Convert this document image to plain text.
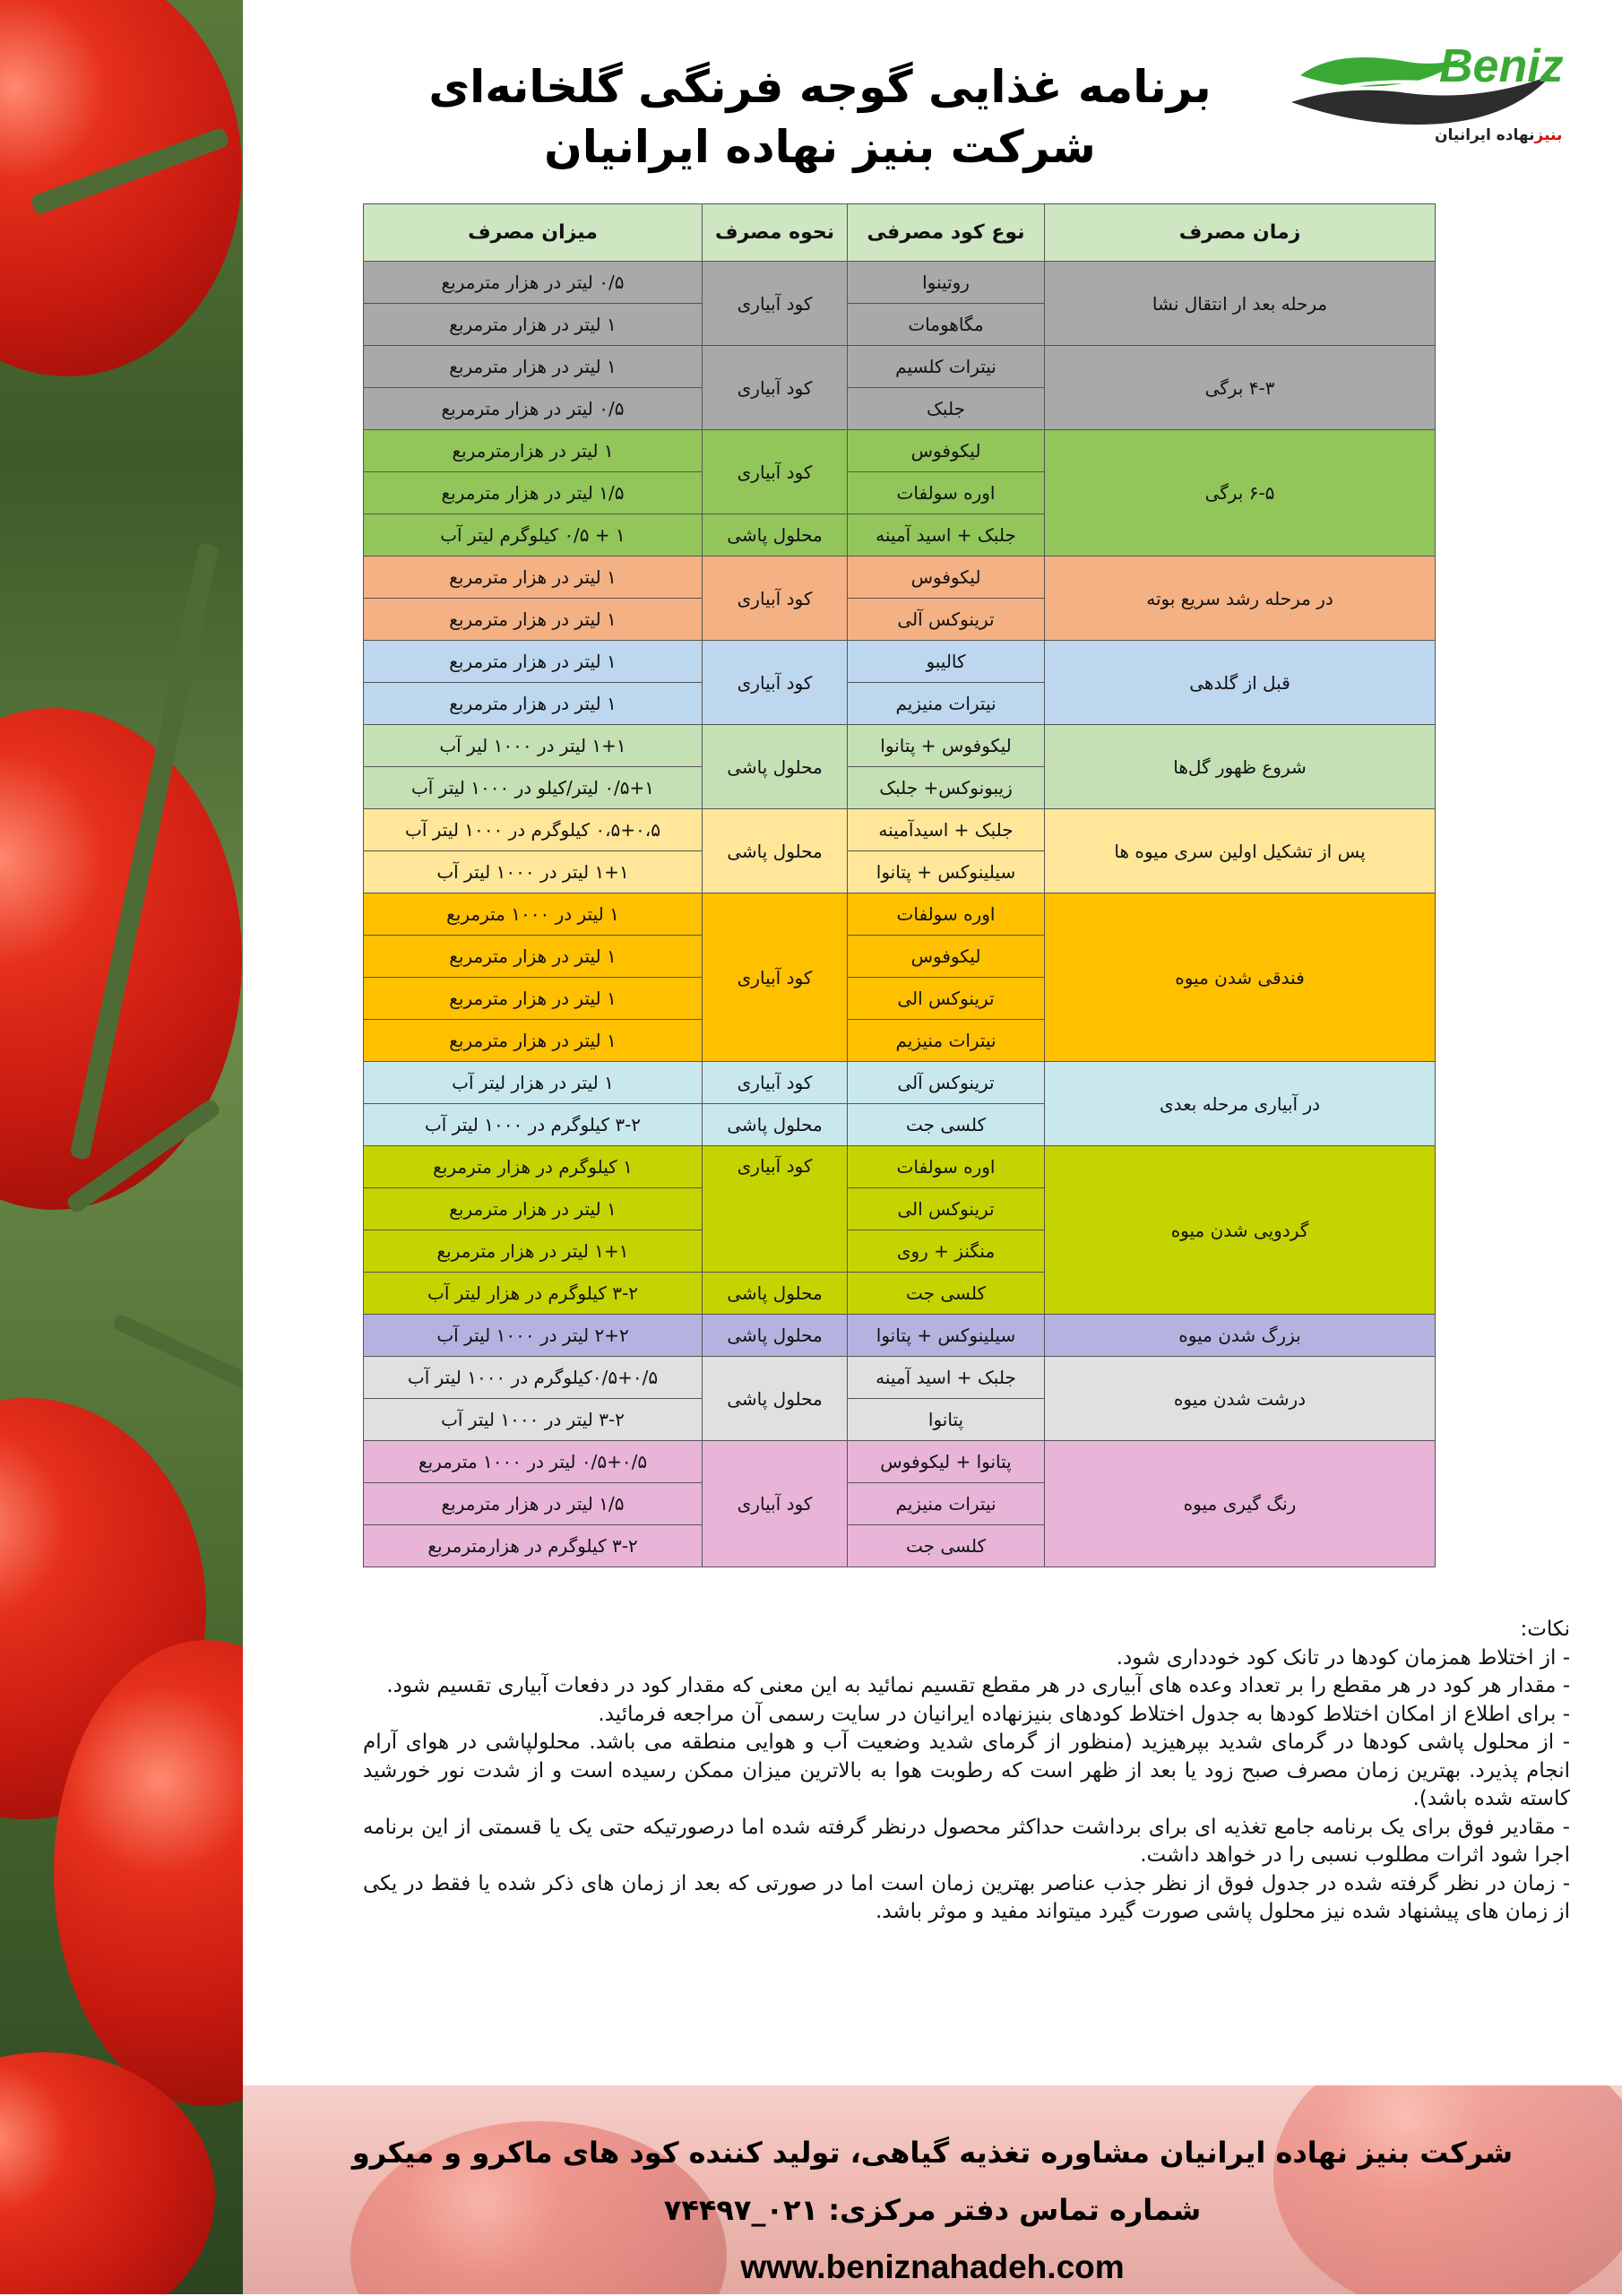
Beniz
بنیزنهاده ایرانیان

برنامه غذایی گوجه فرنگی گلخانه‌ای

شرکت بنیز نهاده ایرانیان

زمان مصرف	نوع کود مصرفی	نحوه مصرف	میزان مصرف
مرحله بعد ار انتقال نشا	روتینوا	کود آبیاری	۰/۵ لیتر در هزار مترمربع
	مگاهومات		۱ لیتر در هزار مترمربع
۴-۳ برگی	نیترات کلسیم	کود آبیاری	۱ لیتر در هزار مترمربع
	جلبک		۰/۵ لیتر در هزار مترمربع
۶-۵ برگی	لیکوفوس	کود آبیاری	۱ لیتر در هزارمترمربع
	اوره سولفات		۱/۵ لیتر در هزار مترمربع
	جلبک + اسید آمینه	محلول پاشی	۱ + ۰/۵ کیلوگرم لیتر آب
در مرحله رشد سریع بوته	لیکوفوس	کود آبیاری	۱ لیتر در هزار مترمربع
	ترینوکس آلی		۱ لیتر در هزار مترمربع
قبل از گلدهی	کالیبو	کود آبیاری	۱ لیتر در هزار مترمربع
	نیترات منیزیم		۱ لیتر در هزار مترمربع
شروع ظهور گل‌ها	لیکوفوس + پتانوا	محلول پاشی	۱+۱ لیتر در ۱۰۰۰ لیر آب
	زیبونوکس+ جلبک		۰/۵+۱ لیتر/کیلو در ۱۰۰۰ لیتر آب
پس از تشکیل اولین سری میوه ها	جلبک + اسیدآمینه	محلول پاشی	۰،۵+۰،۵ کیلوگرم در ۱۰۰۰ لیتر آب
	سیلینوکس + پتانوا		۱+۱ لیتر در ۱۰۰۰ لیتر آب
فندقی شدن میوه	اوره سولفات	کود آبیاری	۱ لیتر در ۱۰۰۰ مترمربع
	لیکوفوس		۱ لیتر در هزار مترمربع
	ترینوکس الی		۱ لیتر در هزار مترمربع
	نیترات منیزیم		۱ لیتر در هزار مترمربع
در آبیاری مرحله بعدی	ترینوکس آلی	کود آبیاری	۱ لیتر در هزار لیتر آب
	کلسی جت	محلول پاشی	۳-۲ کیلوگرم در ۱۰۰۰ لیتر آب
گردویی شدن میوه	اوره سولفات	کود آبیاری	۱ کیلوگرم در هزار مترمربع
	ترینوکس الی		۱ لیتر در هزار مترمربع
	منگنز + روی		۱+۱ لیتر در هزار مترمربع
	کلسی جت	محلول پاشی	۳-۲ کیلوگرم در هزار لیتر آب
بزرگ شدن میوه	سیلینوکس + پتانوا	محلول پاشی	۲+۲ لیتر در ۱۰۰۰ لیتر آب
درشت شدن میوه	جلبک + اسید آمینه	محلول پاشی	۰/۵+۰/۵کیلوگرم در ۱۰۰۰ لیتر آب
	پتانوا		۳-۲ لیتر در ۱۰۰۰ لیتر آب
رنگ گیری میوه	پتانوا + لیکوفوس	کود آبیاری	۰/۵+۰/۵ لیتر در ۱۰۰۰ مترمربع
	نیترات منیزیم		۱/۵ لیتر در هزار مترمربع
	کلسی جت		۳-۲ کیلوگرم در هزارمترمربع

نکات:

- از اختلاط همزمان کودها در تانک کود خودداری شود.

- مقدار هر کود در هر مقطع را بر تعداد وعده های آبیاری در هر مقطع تقسیم نمائید به این معنی که مقدار کود در دفعات آبیاری تقسیم شود.

- برای اطلاع از امکان اختلاط کودها به جدول اختلاط کودهای بنیزنهاده ایرانیان در سایت رسمی آن مراجعه فرمائید.

- از محلول پاشی کودها در گرمای شدید بپرهیزید (منظور از گرمای شدید وضعیت آب و هوایی منطقه می باشد. محلولپاشی در هوای آرام انجام پذیرد. بهترین زمان مصرف صبح زود یا بعد از ظهر است که رطوبت هوا به بالاترین میزان ممکن رسیده است و از شدت نور خورشید کاسته شده باشد).

- مقادیر فوق برای یک برنامه جامع تغذیه ای برای برداشت حداکثر محصول درنظر گرفته شده اما درصورتیکه حتی یک یا قسمتی از این برنامه اجرا شود اثرات مطلوب نسبی را در خواهد داشت.

- زمان در نظر گرفته شده در جدول فوق از نظر جذب عناصر بهترین زمان است اما در صورتی که بعد از زمان های ذکر شده یا فقط در یکی از زمان های پیشنهاد شده نیز محلول پاشی صورت گیرد میتواند مفید و موثر باشد.

شرکت بنیز نهاده ایرانیان مشاوره تغذیه گیاهی، تولید کننده کود های ماکرو و میکرو
شماره تماس دفتر مرکزی: ۰۲۱_۷۴۴۹۷
www.beniznahadeh.com
